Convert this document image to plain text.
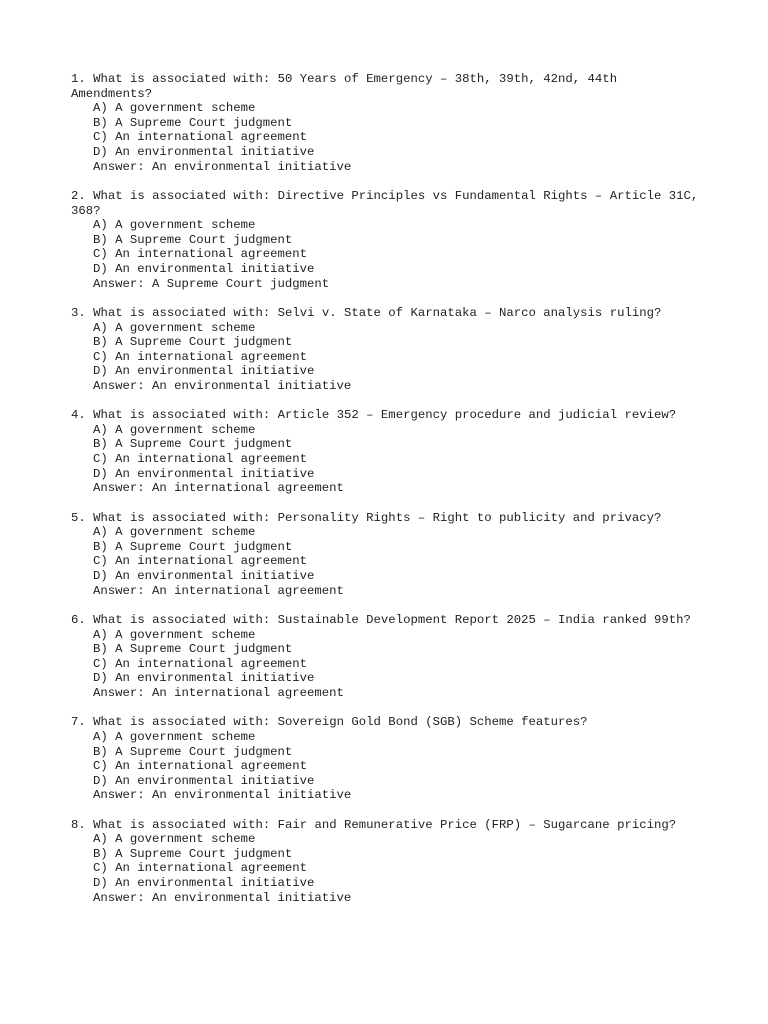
1. What is associated with: 50 Years of Emergency – 38th, 39th, 42nd, 44th Amendments?
A) A government scheme
B) A Supreme Court judgment
C) An international agreement
D) An environmental initiative
Answer: An environmental initiative
2. What is associated with: Directive Principles vs Fundamental Rights – Article 31C, 368?
A) A government scheme
B) A Supreme Court judgment
C) An international agreement
D) An environmental initiative
Answer: A Supreme Court judgment
3. What is associated with: Selvi v. State of Karnataka – Narco analysis ruling?
A) A government scheme
B) A Supreme Court judgment
C) An international agreement
D) An environmental initiative
Answer: An environmental initiative
4. What is associated with: Article 352 – Emergency procedure and judicial review?
A) A government scheme
B) A Supreme Court judgment
C) An international agreement
D) An environmental initiative
Answer: An international agreement
5. What is associated with: Personality Rights – Right to publicity and privacy?
A) A government scheme
B) A Supreme Court judgment
C) An international agreement
D) An environmental initiative
Answer: An international agreement
6. What is associated with: Sustainable Development Report 2025 – India ranked 99th?
A) A government scheme
B) A Supreme Court judgment
C) An international agreement
D) An environmental initiative
Answer: An international agreement
7. What is associated with: Sovereign Gold Bond (SGB) Scheme features?
A) A government scheme
B) A Supreme Court judgment
C) An international agreement
D) An environmental initiative
Answer: An environmental initiative
8. What is associated with: Fair and Remunerative Price (FRP) – Sugarcane pricing?
A) A government scheme
B) A Supreme Court judgment
C) An international agreement
D) An environmental initiative
Answer: An environmental initiative
